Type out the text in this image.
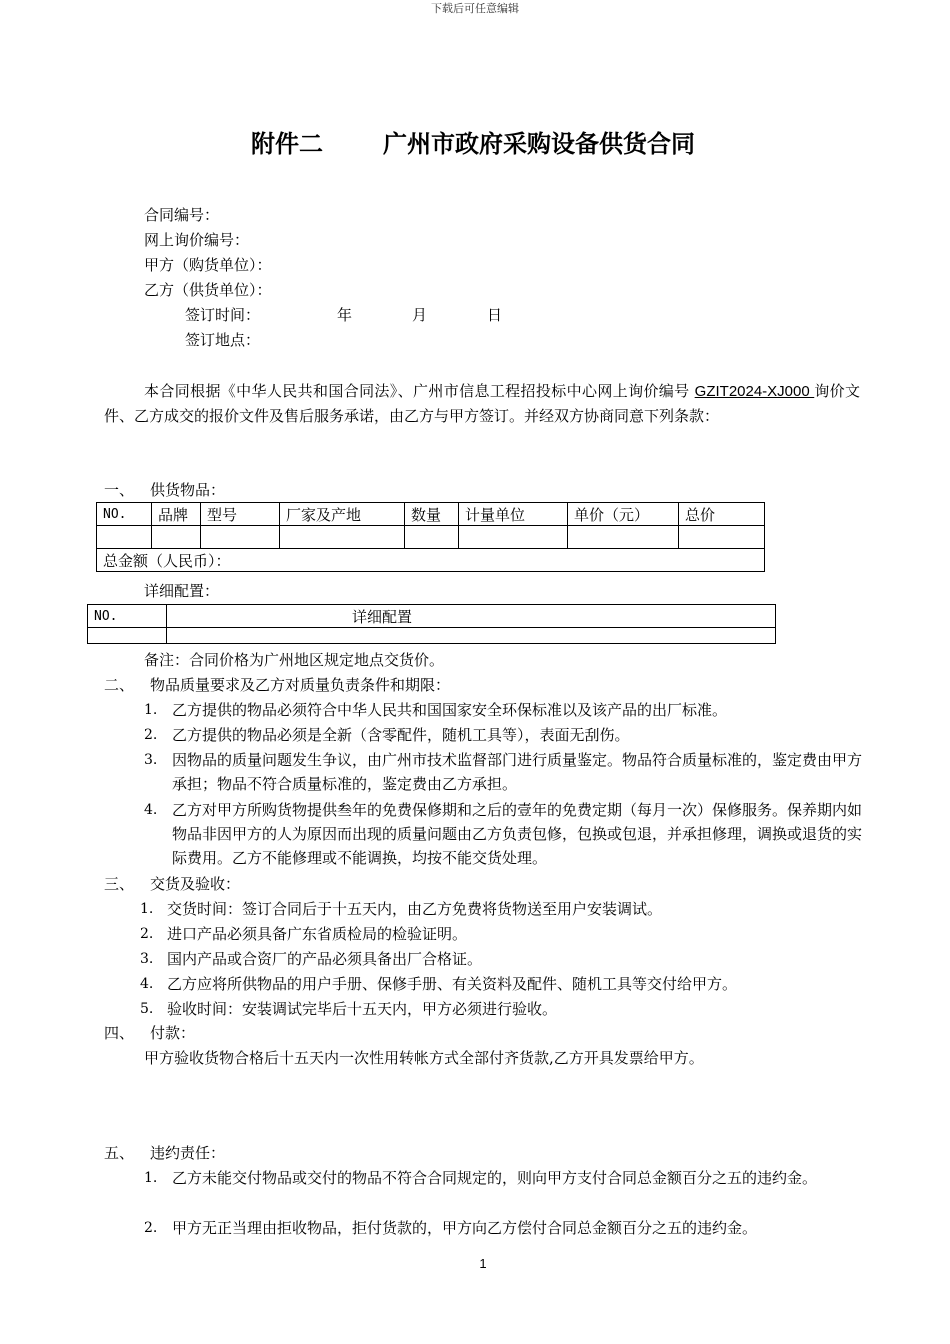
下载后可任意编辑
附件二	广州市政府采购设备供货合同
合同编号：
网上询价编号：
甲方（购货单位）：
乙方（供货单位）：
签订时间：	年	月	日
签订地点：
本合同根据《中华人民共和国合同法》、广州市信息工程招投标中心网上询价编号 GZIT2024-XJ000 询价文件、乙方成交的报价文件及售后服务承诺，由乙方与甲方签订。并经双方协商同意下列条款：
一、 供货物品：
NO.	品牌	型号	厂家及产地	数量	计量单位	单价（元）	总价

总金额（人民币）：							
详细配置：
NO.	详细配置

备注：合同价格为广州地区规定地点交货价。
二、 物品质量要求及乙方对质量负责条件和期限：
1. 乙方提供的物品必须符合中华人民共和国国家安全环保标准以及该产品的出厂标准。
2. 乙方提供的物品必须是全新（含零配件，随机工具等），表面无刮伤。
3. 因物品的质量问题发生争议，由广州市技术监督部门进行质量鉴定。物品符合质量标准的，鉴定费由甲方承担；物品不符合质量标准的，鉴定费由乙方承担。
4. 乙方对甲方所购货物提供叁年的免费保修期和之后的壹年的免费定期（每月一次）保修服务。保养期内如物品非因甲方的人为原因而出现的质量问题由乙方负责包修，包换或包退，并承担修理，调换或退货的实际费用。乙方不能修理或不能调换，均按不能交货处理。
三、 交货及验收：
1. 交货时间：签订合同后于十五天内，由乙方免费将货物送至用户安装调试。
2. 进口产品必须具备广东省质检局的检验证明。
3. 国内产品或合资厂的产品必须具备出厂合格证。
4. 乙方应将所供物品的用户手册、保修手册、有关资料及配件、随机工具等交付给甲方。
5. 验收时间：安装调试完毕后十五天内，甲方必须进行验收。
四、 付款：
甲方验收货物合格后十五天内一次性用转帐方式全部付齐货款,乙方开具发票给甲方。
五、 违约责任：
1. 乙方未能交付物品或交付的物品不符合合同规定的，则向甲方支付合同总金额百分之五的违约金。
2. 甲方无正当理由拒收物品，拒付货款的，甲方向乙方偿付合同总金额百分之五的违约金。
1
